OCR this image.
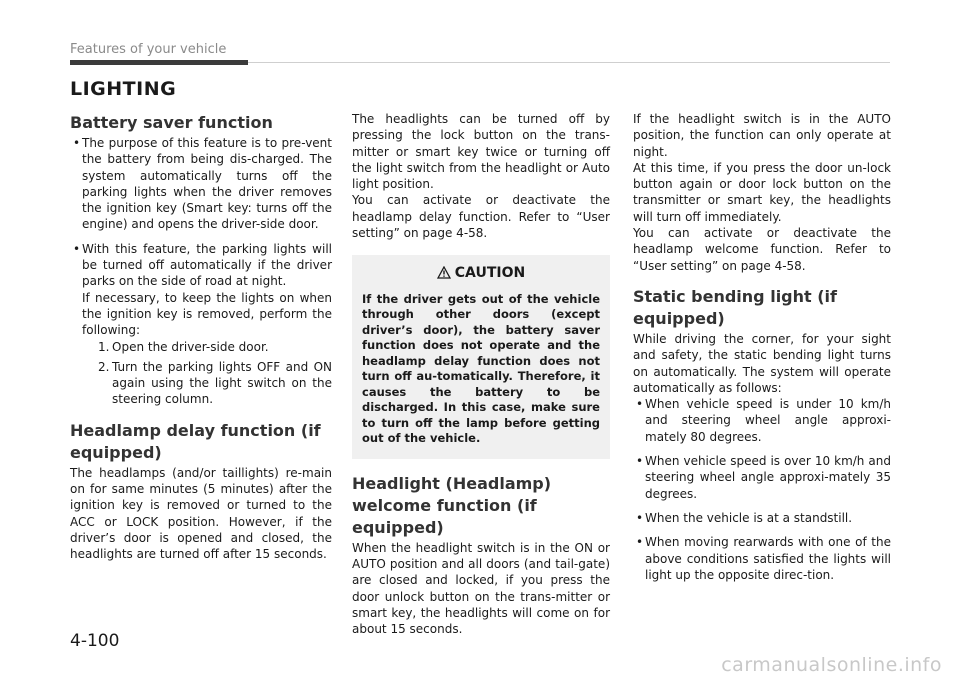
Features of your vehicle
LIGHTING
Battery saver function

• The purpose of this feature is to pre-vent the battery from being dis-charged. The system automatically turns off the parking lights when the driver removes the ignition key (Smart key: turns off the engine) and opens the driver-side door.

• With this feature, the parking lights will be turned off automatically if the driver parks on the side of road at night.

If necessary, to keep the lights on when the ignition key is removed, perform the following:

1. Open the driver-side door.
2. Turn the parking lights OFF and ON again using the light switch on the steering column.
Headlamp delay function (if equipped)

The headlamps (and/or taillights) re-main on for same minutes (5 minutes) after the ignition key is removed or turned to the ACC or LOCK position. However, if the driver’s door is opened and closed, the headlights are turned off after 15 seconds.

The headlights can be turned off by pressing the lock button on the trans-mitter or smart key twice or turning off the light switch from the headlight or Auto light position.

You can activate or deactivate the headlamp delay function. Refer to “User setting” on page 4-58.

CAUTION
If the driver gets out of the vehicle through other doors (except driver’s door), the battery saver function does not operate and the headlamp delay function does not turn off au-tomatically. Therefore, it causes the battery to be discharged. In this case, make sure to turn off the lamp before getting out of the vehicle.
Headlight (Headlamp) welcome function (if equipped)

When the headlight switch is in the ON or AUTO position and all doors (and tail-gate) are closed and locked, if you press the door unlock button on the trans-mitter or smart key, the headlights will come on for about 15 seconds.

If the headlight switch is in the AUTO position, the function can only operate at night.

At this time, if you press the door un-lock button again or door lock button on the transmitter or smart key, the headlights will turn off immediately.

You can activate or deactivate the headlamp welcome function. Refer to “User setting” on page 4-58.

Static bending light (if equipped)

While driving the corner, for your sight and safety, the static bending light turns on automatically. The system will operate automatically as follows:

• When vehicle speed is under 10 km/h and steering wheel angle approxi-mately 80 degrees.

• When vehicle speed is over 10 km/h and steering wheel angle approxi-mately 35 degrees.

• When the vehicle is at a standstill.

• When moving rearwards with one of the above conditions satisfied the lights will light up the opposite direc-tion.

4-100
carmanualsonline.info
